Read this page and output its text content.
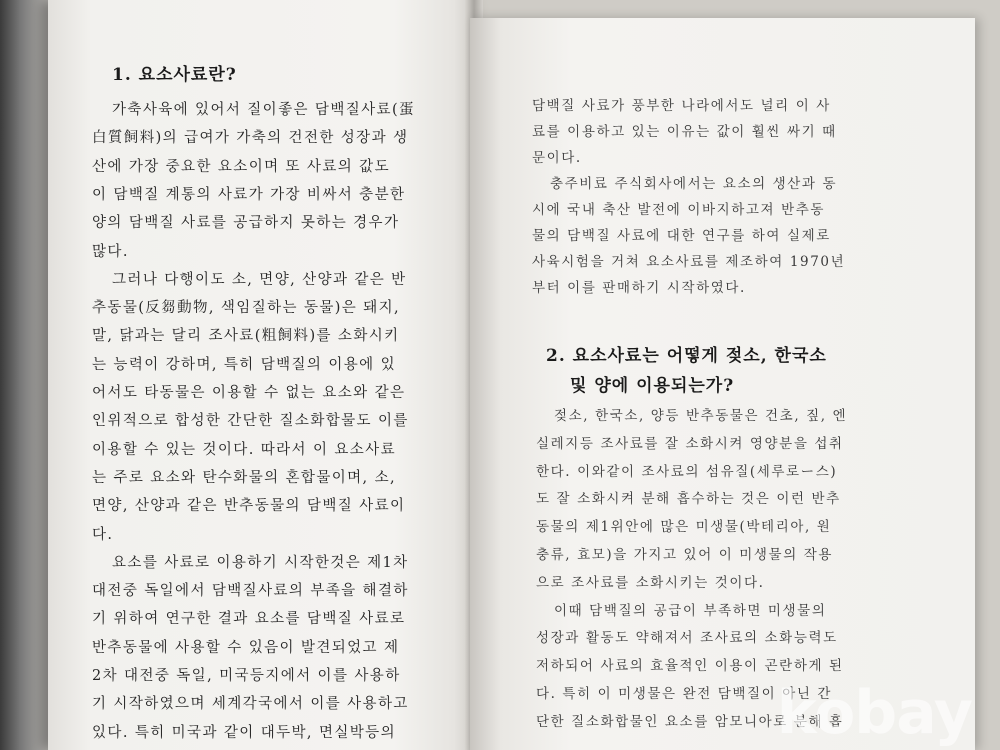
1. 요소사료란?
가축사육에 있어서 질이좋은 담백질사료(蛋
白質飼料)의 급여가 가축의 건전한 성장과 생
산에 가장 중요한 요소이며 또 사료의 값도
이 담백질 계통의 사료가 가장 비싸서 충분한
양의 담백질 사료를 공급하지 못하는 경우가
많다.
그러나 다행이도 소, 면양, 산양과 같은 반
추동물(反芻動物, 색임질하는 동물)은 돼지,
말, 닭과는 달리 조사료(粗飼料)를 소화시키
는 능력이 강하며, 특히 담백질의 이용에 있
어서도 타동물은 이용할 수 없는 요소와 같은
인위적으로 합성한 간단한 질소화합물도 이를
이용할 수 있는 것이다. 따라서 이 요소사료
는 주로 요소와 탄수화물의 혼합물이며, 소,
면양, 산양과 같은 반추동물의 담백질 사료이
다.
요소를 사료로 이용하기 시작한것은 제1차
대전중 독일에서 담백질사료의 부족을 해결하
기 위하여 연구한 결과 요소를 담백질 사료로
반추동물에 사용할 수 있음이 발견되었고 제
2차 대전중 독일, 미국등지에서 이를 사용하
기 시작하였으며 세계각국에서 이를 사용하고
있다. 특히 미국과 같이 대두박, 면실박등의
담백질 사료가 풍부한 나라에서도 널리 이 사
료를 이용하고 있는 이유는 값이 훨씬 싸기 때
문이다.
충주비료 주식회사에서는 요소의 생산과 동
시에 국내 축산 발전에 이바지하고져 반추동
물의 담백질 사료에 대한 연구를 하여 실제로
사육시험을 거쳐 요소사료를 제조하여 1970년
부터 이를 판매하기 시작하였다.
2. 요소사료는 어떻게 젖소, 한국소
및 양에 이용되는가?
젖소, 한국소, 양등 반추동물은 건초, 짚, 엔
실레지등 조사료를 잘 소화시켜 영양분을 섭취
한다. 이와같이 조사료의 섬유질(세루로ー스)
도 잘 소화시켜 분해 흡수하는 것은 이런 반추
동물의 제1위안에 많은 미생물(박테리아, 원
충류, 효모)을 가지고 있어 이 미생물의 작용
으로 조사료를 소화시키는 것이다.
이때 담백질의 공급이 부족하면 미생물의
성장과 활동도 약해져서 조사료의 소화능력도
저하되어 사료의 효율적인 이용이 곤란하게 된
다. 특히 이 미생물은 완전 담백질이 아닌 간
단한 질소화합물인 요소를 암모니아로 분해 흡
kobay
